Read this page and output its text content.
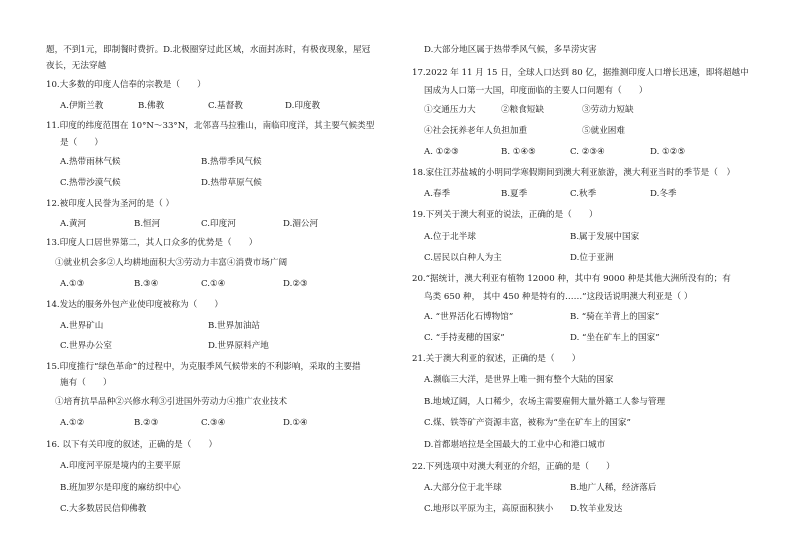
题，不到1元，即制餐时费折。D.北极圈穿过此区域，水面封冻时，有极夜现象，屋冠
夜长，无法穿越
10.大多数的印度人信奉的宗教是（　　）
A.伊斯兰教	B.佛教	C.基督教	D.印度教
11.印度的纬度范围在 10°N～33°N，北邻喜马拉雅山，南临印度洋，其主要气候类型
是（　　）
A.热带雨林气候	B.热带季风气候
C.热带沙漠气候	D.热带草原气候
12.被印度人民誉为圣河的是（ ）
A.黄河	B.恒河	C.印度河	D.湄公河
13.印度人口居世界第二，其人口众多的优势是（　　）
①就业机会多②人均耕地面积大③劳动力丰富④消费市场广阔
A.①③	B.③④	C.①④	D.②③
14.发达的服务外包产业使印度被称为（　　）
A.世界矿山	B.世界加油站
C.世界办公室	D.世界原料产地
15.印度推行“绿色革命”的过程中，为克服季风气候带来的不利影响，采取的主要措
施有（　　）
①培育抗旱品种②兴修水利③引进国外劳动力④推广农业技术
A.①②	B.②③	C.③④	D.①④
16. 以下有关印度的叙述，正确的是（　　）
A.印度河平原是境内的主要平原
B.班加罗尔是印度的麻纺织中心
C.大多数居民信仰佛教
D.大部分地区属于热带季风气候，多旱涝灾害
17.2022 年 11 月 15 日，全球人口达到 80 亿，据推测印度人口增长迅速，即将超越中
国成为人口第一大国，印度面临的主要人口问题有（　　）
①交通压力大	②粮食短缺	③劳动力短缺
④社会抚养老年人负担加重	⑤就业困难
A. ①②③	B. ①④⑤	C. ②③④	D. ①②⑤
18.家住江苏盐城的小明同学寒假期间到澳大利亚旅游，澳大利亚当时的季节是（　）
A.春季	B.夏季	C.秋季	D.冬季
19.下列关于澳大利亚的说法，正确的是（　　）
A.位于北半球	B.属于发展中国家
C.居民以白种人为主	D.位于亚洲
20.“据统计，澳大利亚有植物 12000 种，其中有 9000 种是其他大洲所没有的；有
鸟类 650 种， 其中 450 种是特有的……”这段话说明澳大利亚是（ ）
A. “世界活化石博物馆”	B. “骑在羊背上的国家”
C. “手持麦穗的国家”	D. “坐在矿车上的国家”
21.关于澳大利亚的叙述，正确的是（　　）
A.濒临三大洋，是世界上唯一拥有整个大陆的国家
B.地域辽阔，人口稀少，农场主需要雇佣大量外籍工人参与管理
C.煤、铁等矿产资源丰富，被称为“坐在矿车上的国家”
D.首都堪培拉是全国最大的工业中心和港口城市
22.下列选项中对澳大利亚的介绍，正确的是（　　）
A.大部分位于北半球	B.地广人稀，经济落后
C.地形以平原为主，高原面积狭小 D.牧羊业发达
